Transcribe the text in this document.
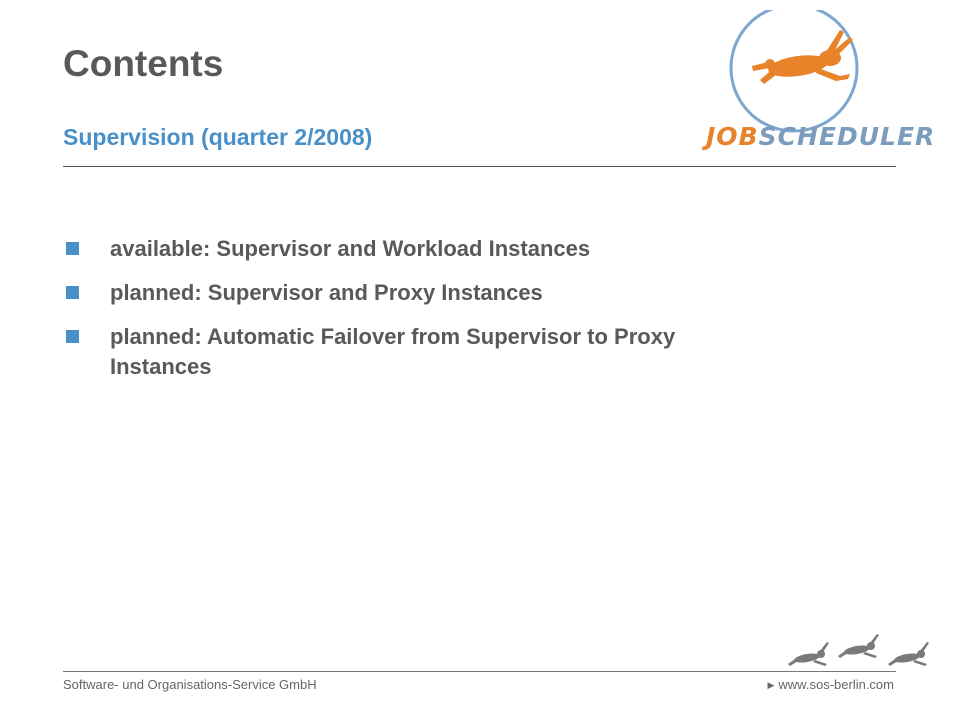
Contents
Supervision (quarter 2/2008)	JOBSCHEDULER
available: Supervisor and Workload Instances
planned: Supervisor and Proxy Instances
planned: Automatic Failover from Supervisor to Proxy Instances
Software- und Organisations-Service GmbH	▶ www.sos-berlin.com
